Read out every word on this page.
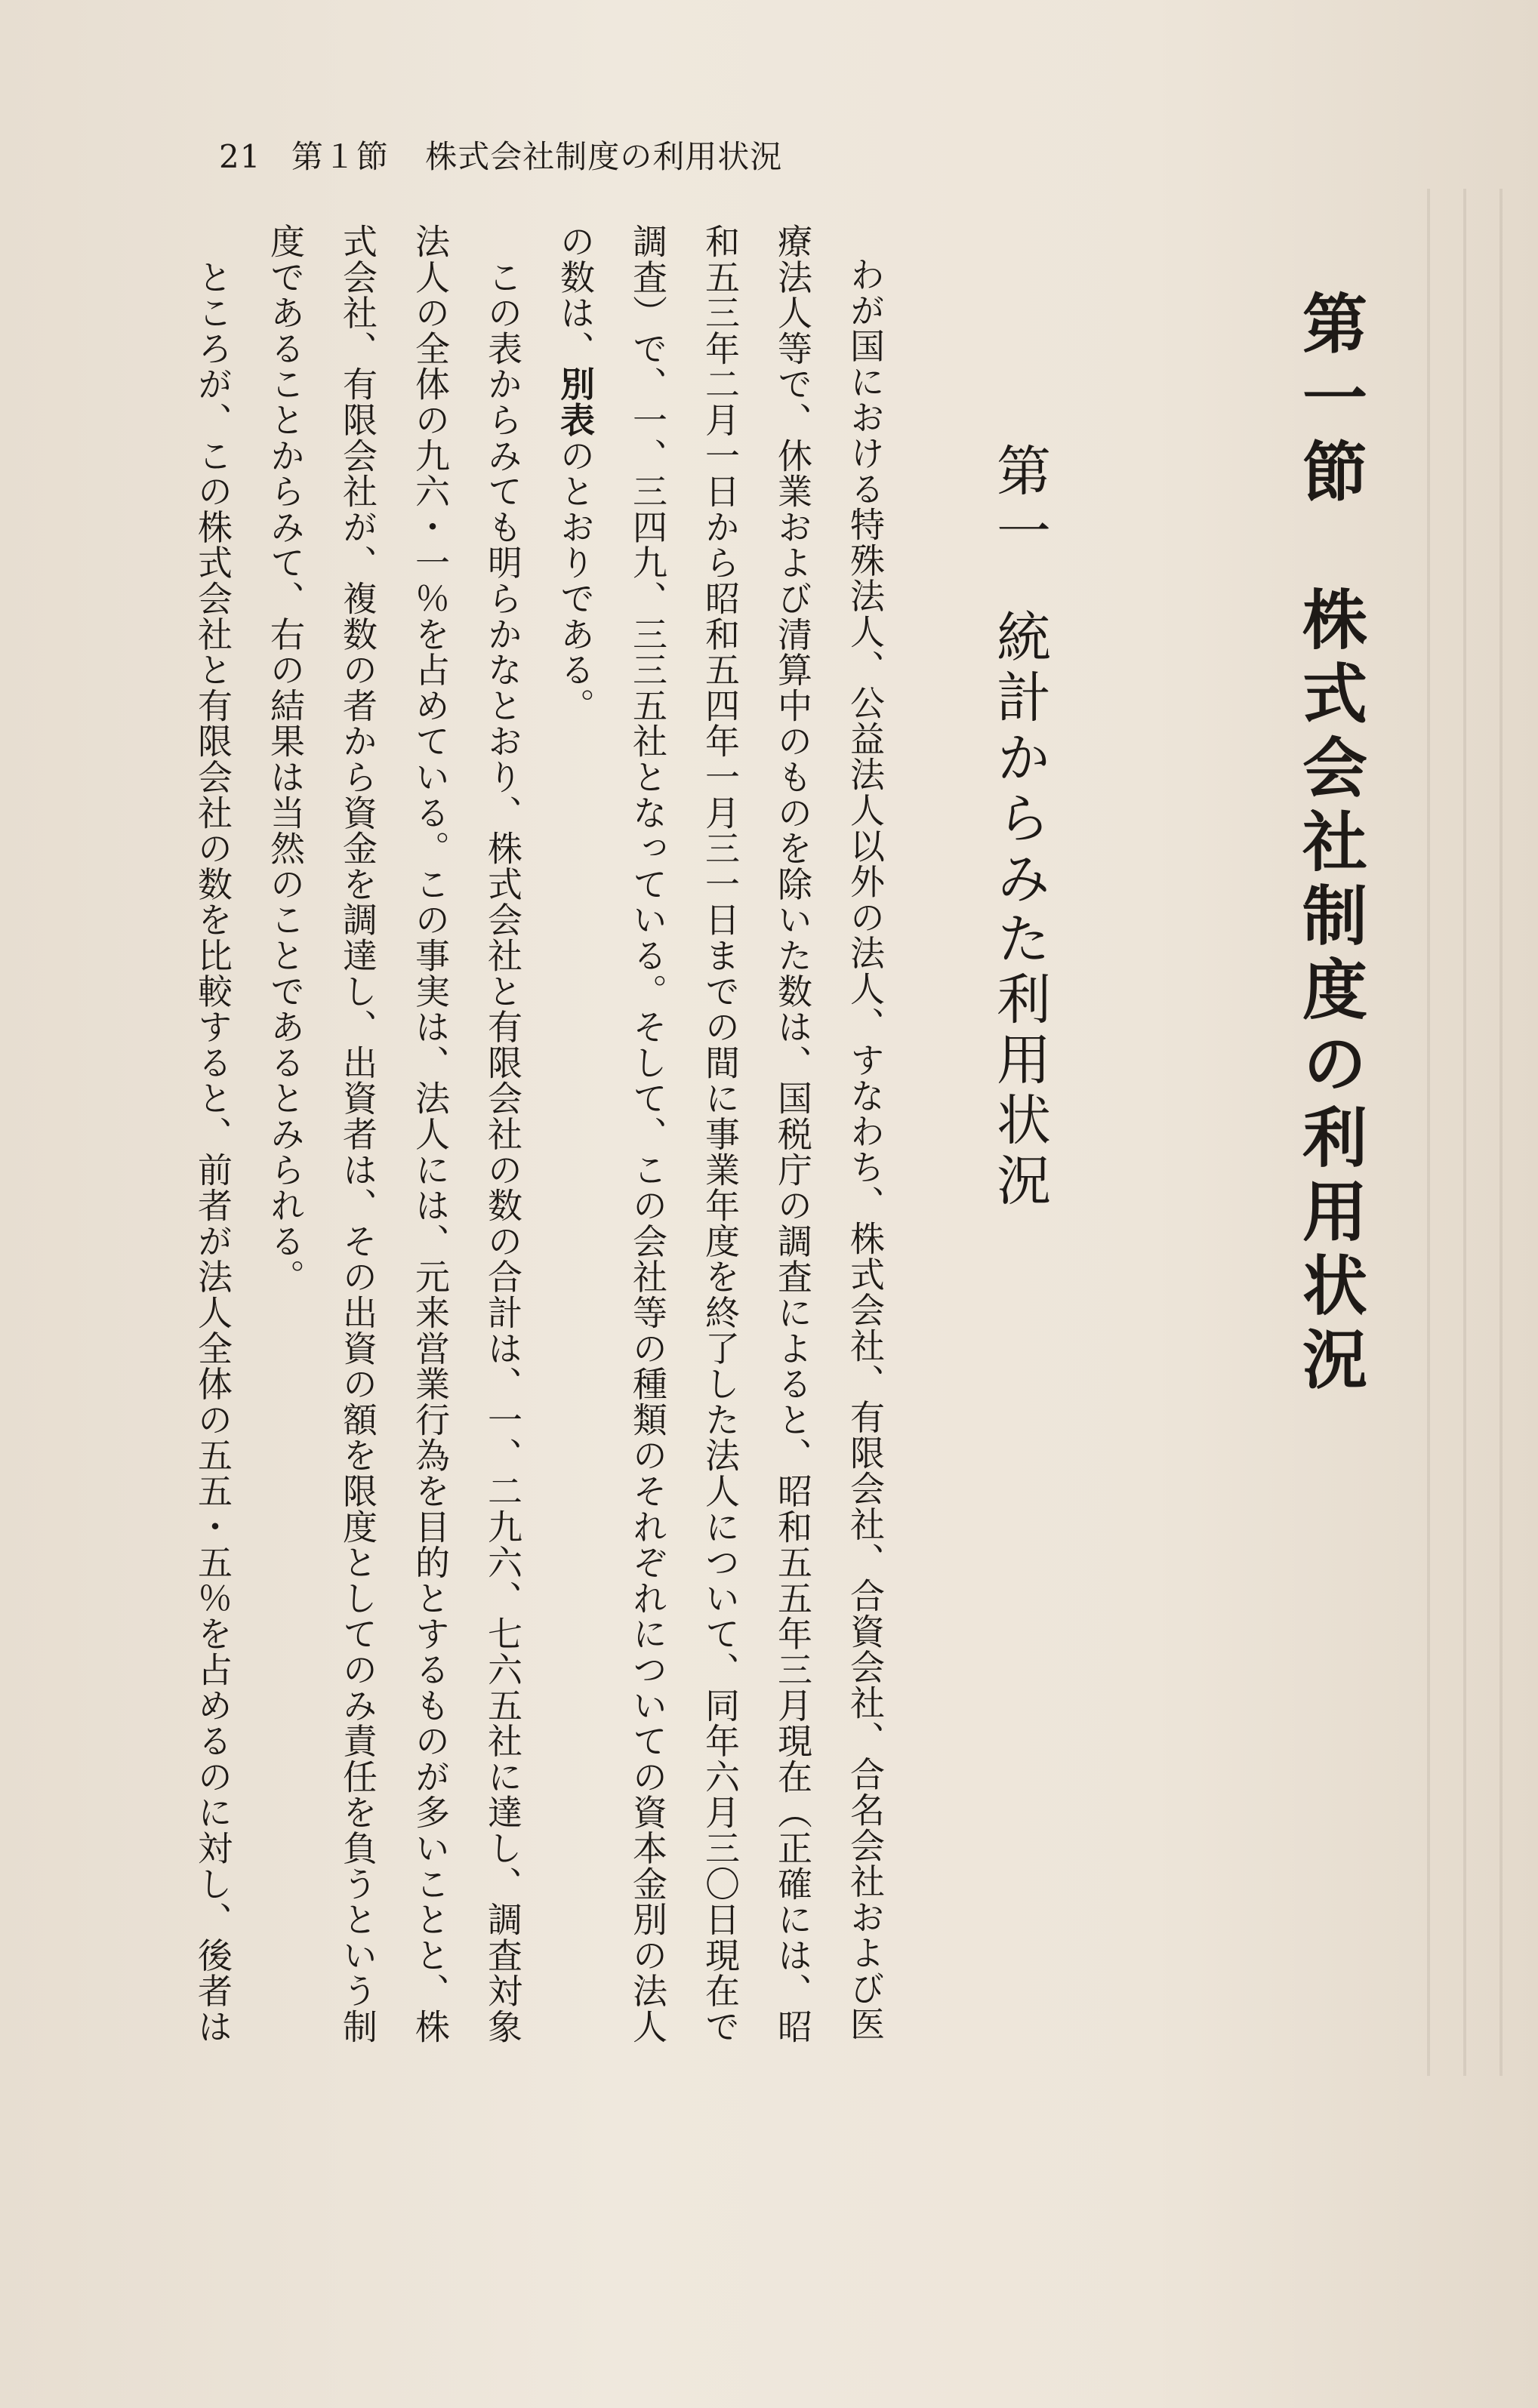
21 第１節 株式会社制度の利用状況
第一節　株式会社制度の利用状況
第一統計からみた利用状況
わが国における特殊法人、公益法人以外の法人、すなわち、株式会社、有限会社、合資会社、合名会社および医
療法人等で、休業および清算中のものを除いた数は、国税庁の調査によると、昭和五五年三月現在（正確には、昭
和五三年二月一日から昭和五四年一月三一日までの間に事業年度を終了した法人について、同年六月三〇日現在で
調査）で、一、三四九、三三五社となっている。そして、この会社等の種類のそれぞれについての資本金別の法人
の数は、別表のとおりである。
　この表からみても明らかなとおり、株式会社と有限会社の数の合計は、一、二九六、七六五社に達し、調査対象
法人の全体の九六・一％を占めている。この事実は、法人には、元来営業行為を目的とするものが多いことと、株
式会社、有限会社が、複数の者から資金を調達し、出資者は、その出資の額を限度としてのみ責任を負うという制
度であることからみて、右の結果は当然のことであるとみられる。
　ところが、この株式会社と有限会社の数を比較すると、前者が法人全体の五五・五％を占めるのに対し、後者は
